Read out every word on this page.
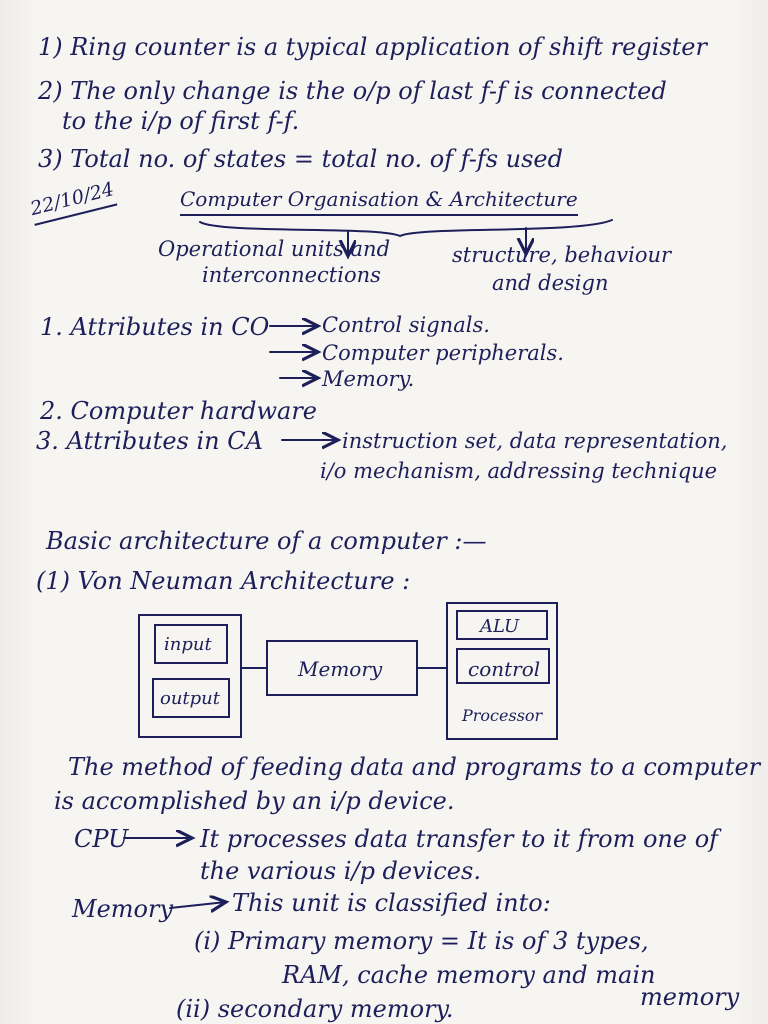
1) Ring counter is a typical application of shift register
2) The only change is the o/p of last f-f is connected
to the i/p of first f-f.
3) Total no. of states = total no. of f-fs used
22/10/24	Computer Organisation & Architecture
Operational units and
interconnections
structure, behaviour
and design
1. Attributes in CO	Control signals.
Computer peripherals.
Memory.
2. Computer hardware
3. Attributes in CA	instruction set, data representation,
i/o mechanism, addressing technique
Basic architecture of a computer :—
(1) Von Neuman Architecture :
input
output
Memory
ALU
control
Processor
The method of feeding data and programs to a computer
is accomplished by an i/p device.
CPU	It processes data transfer to it from one of
the various i/p devices.
Memory This unit is classified into:
(i) Primary memory = It is of 3 types,
RAM, cache memory and main
memory
(ii) secondary memory.
